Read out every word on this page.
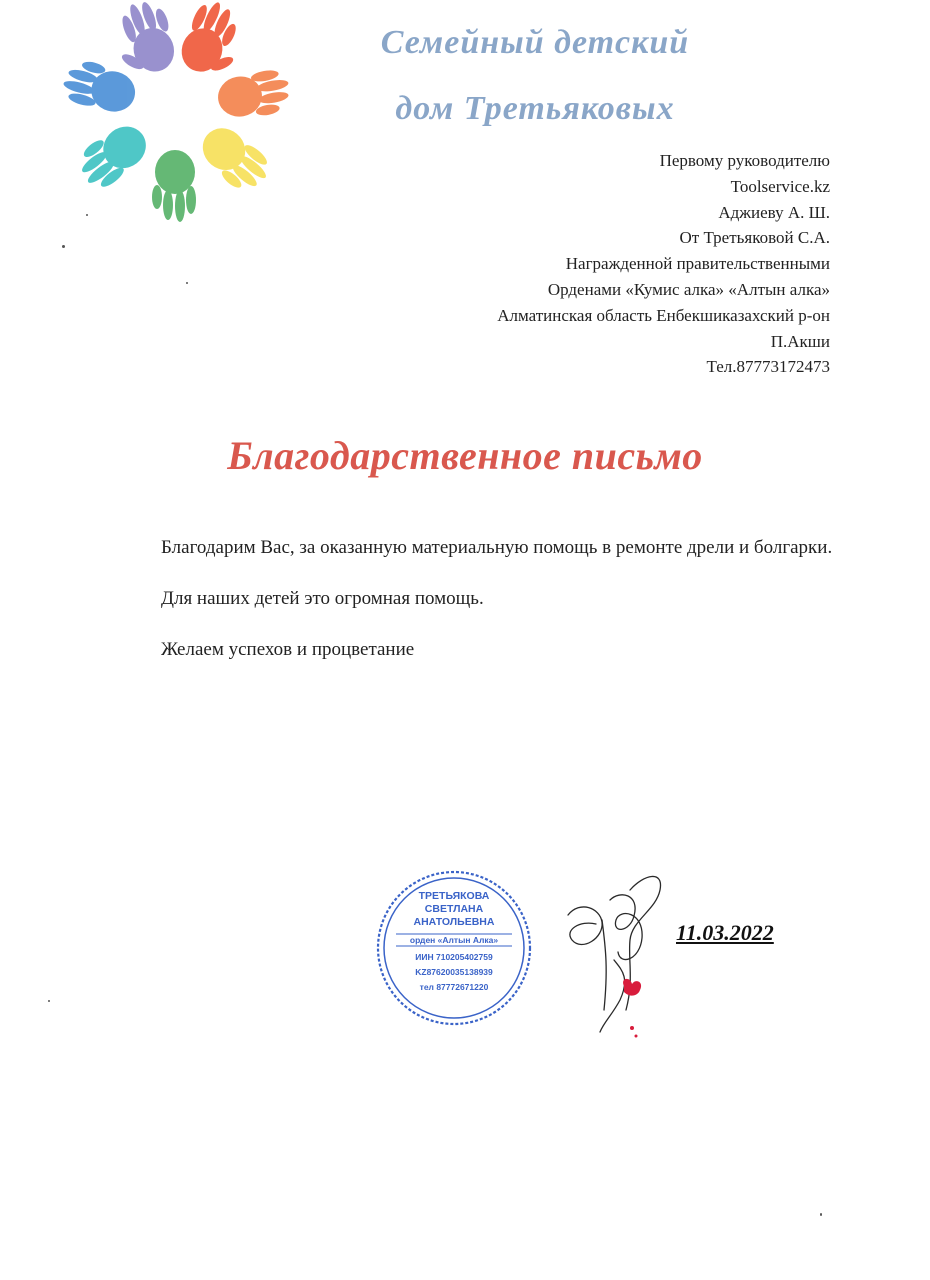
Семейный детский
дом Третьяковых
Первому руководителю
Toolservice.kz
Аджиеву А. Ш.
От Третьяковой С.А.
Награжденной правительственными
Орденами «Кумис алка» «Алтын алка»
Алматинская область Енбекшиказахский р-он
П.Акши
Тел.87773172473
Благодарственное письмо

Благодарим Вас, за оказанную материальную помощь в ремонте дрели и болгарки.

Для наших детей это огромная помощь.

Желаем успехов и процветание

ТРЕТЬЯКОВА
СВЕТЛАНА
АНАТОЛЬЕВНА
орден «Алтын Алка»
ИИН 710205402759
KZ87620035138939
тел 87772671220
11.03.2022
